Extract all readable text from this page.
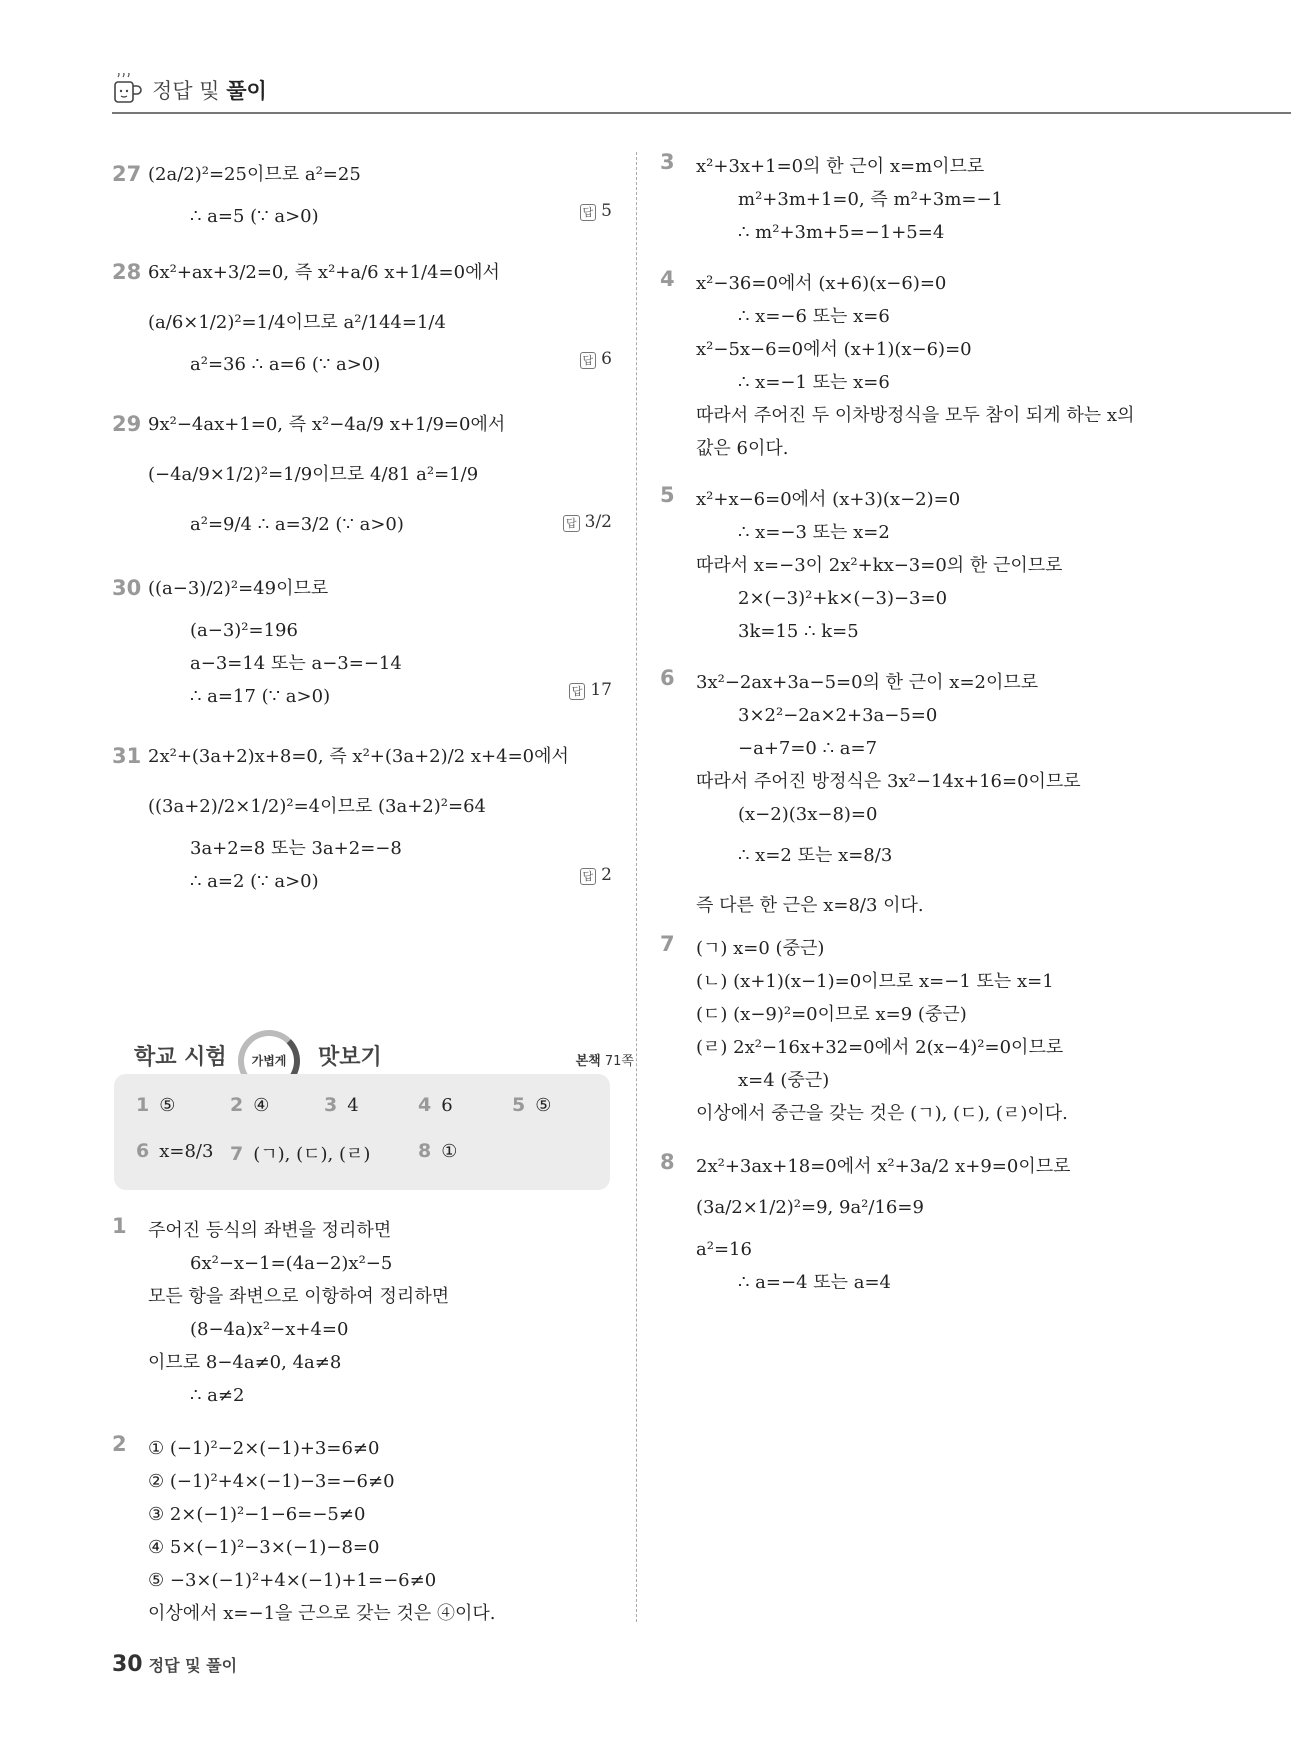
정답 및 풀이
27 (2a/2)²=25이므로 a²=25
∴ a=5 (∵ a>0)	답 5
28 6x²+ax+3/2=0, 즉 x²+a/6 x+1/4=0에서
(a/6×1/2)²=1/4이므로 a²/144=1/4
a²=36 ∴ a=6 (∵ a>0)	답 6
29 9x²−4ax+1=0, 즉 x²−4a/9 x+1/9=0에서
(−4a/9×1/2)²=1/9이므로 4/81 a²=1/9
a²=9/4 ∴ a=3/2 (∵ a>0)	답 3/2
30 ((a−3)/2)²=49이므로
(a−3)²=196
a−3=14 또는 a−3=−14
∴ a=17 (∵ a>0)	답 17
31 2x²+(3a+2)x+8=0, 즉 x²+(3a+2)/2 x+4=0에서
((3a+2)/2×1/2)²=4이므로 (3a+2)²=64
3a+2=8 또는 3a+2=−8
∴ a=2 (∵ a>0)	답 2
학교 시험	가볍게	맛보기	본책 71쪽
1 ⑤	2 ④	3 4	4 6	5 ⑤
6 x=8/3 7 (ㄱ), (ㄷ), (ㄹ)	8 ①
1	주어진 등식의 좌변을 정리하면
6x²−x−1=(4a−2)x²−5
모든 항을 좌변으로 이항하여 정리하면
(8−4a)x²−x+4=0
이므로 8−4a≠0, 4a≠8
∴ a≠2
2	① (−1)²−2×(−1)+3=6≠0
② (−1)²+4×(−1)−3=−6≠0
③ 2×(−1)²−1−6=−5≠0
④ 5×(−1)²−3×(−1)−8=0
⑤ −3×(−1)²+4×(−1)+1=−6≠0
이상에서 x=−1을 근으로 갖는 것은 ④이다.
3	x²+3x+1=0의 한 근이 x=m이므로
m²+3m+1=0, 즉 m²+3m=−1
∴ m²+3m+5=−1+5=4
4	x²−36=0에서 (x+6)(x−6)=0
∴ x=−6 또는 x=6
x²−5x−6=0에서 (x+1)(x−6)=0
∴ x=−1 또는 x=6
따라서 주어진 두 이차방정식을 모두 참이 되게 하는 x의
값은 6이다.
5	x²+x−6=0에서 (x+3)(x−2)=0
∴ x=−3 또는 x=2
따라서 x=−3이 2x²+kx−3=0의 한 근이므로
2×(−3)²+k×(−3)−3=0
3k=15 ∴ k=5
6	3x²−2ax+3a−5=0의 한 근이 x=2이므로
3×2²−2a×2+3a−5=0
−a+7=0 ∴ a=7
따라서 주어진 방정식은 3x²−14x+16=0이므로
(x−2)(3x−8)=0
∴ x=2 또는 x=8/3
즉 다른 한 근은 x=8/3 이다.
7	(ㄱ) x=0 (중근)
(ㄴ) (x+1)(x−1)=0이므로 x=−1 또는 x=1
(ㄷ) (x−9)²=0이므로 x=9 (중근)
(ㄹ) 2x²−16x+32=0에서 2(x−4)²=0이므로
x=4 (중근)
이상에서 중근을 갖는 것은 (ㄱ), (ㄷ), (ㄹ)이다.
8	2x²+3ax+18=0에서 x²+3a/2 x+9=0이므로
(3a/2×1/2)²=9, 9a²/16=9
a²=16
∴ a=−4 또는 a=4
30 정답 및 풀이
